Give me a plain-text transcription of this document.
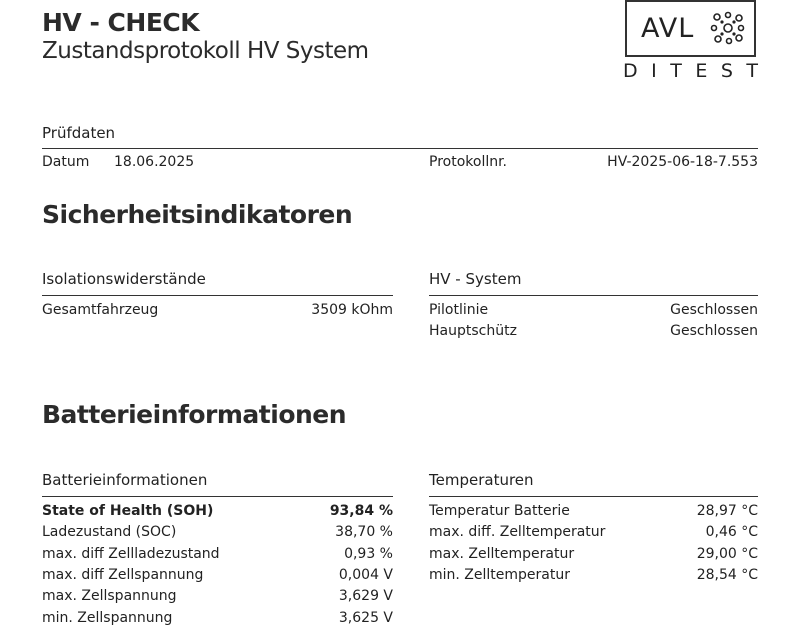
HV - CHECK
Zustandsprotokoll HV System
AVL
DITEST
Prüfdaten
Datum 18.06.2025	Protokollnr.	HV-2025-06-18-7.553
Sicherheitsindikatoren
Isolationswiderstände
Gesamtfahrzeug	3509 kOhm
HV - System
Pilotlinie	Geschlossen
Hauptschütz	Geschlossen
Batterieinformationen
Batterieinformationen
State of Health (SOH)	93,84 %
Ladezustand (SOC)	38,70 %
max. diff Zellladezustand	0,93 %
max. diff Zellspannung	0,004 V
max. Zellspannung	3,629 V
min. Zellspannung	3,625 V
Temperaturen
Temperatur Batterie	28,97 °C
max. diff. Zelltemperatur	0,46 °C
max. Zelltemperatur	29,00 °C
min. Zelltemperatur	28,54 °C
